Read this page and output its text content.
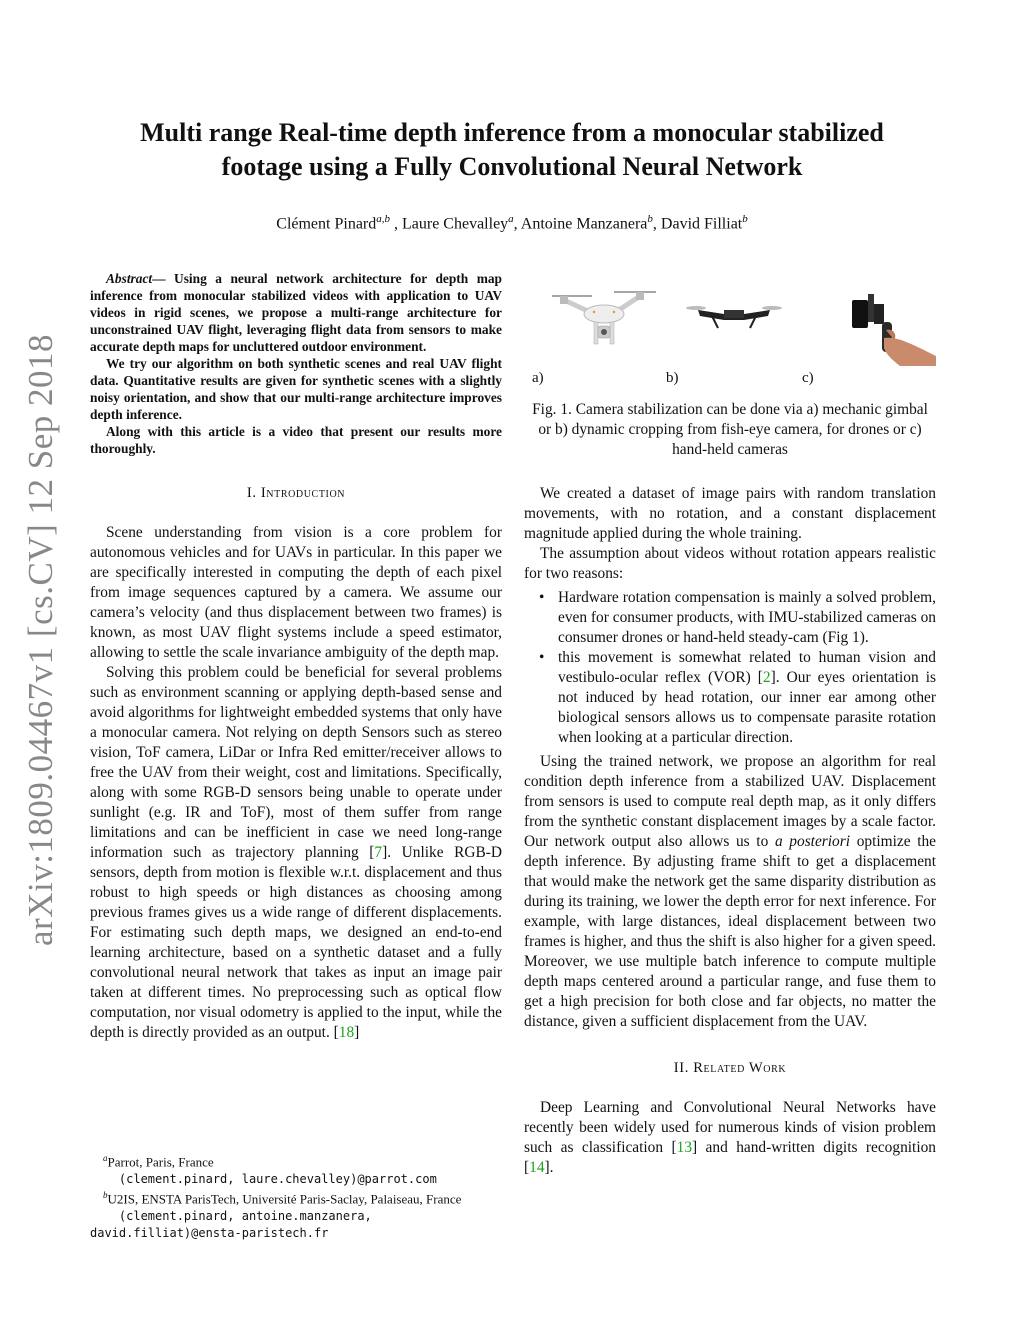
arXiv:1809.04467v1 [cs.CV] 12 Sep 2018
Multi range Real-time depth inference from a monocular stabilized
footage using a Fully Convolutional Neural Network
Clément Pinard$^{a,b}$ , Laure Chevalley$^a$, Antoine Manzanera$^b$, David Filliat$^b$

Abstract— Using a neural network architecture for depth map inference from monocular stabilized videos with application to UAV videos in rigid scenes, we propose a multi-range architecture for unconstrained UAV flight, leveraging flight data from sensors to make accurate depth maps for uncluttered outdoor environment.

We try our algorithm on both synthetic scenes and real UAV flight data. Quantitative results are given for synthetic scenes with a slightly noisy orientation, and show that our multi-range architecture improves depth inference.

Along with this article is a video that present our results more thoroughly.

I. Introduction

Scene understanding from vision is a core problem for autonomous vehicles and for UAVs in particular. In this paper we are specifically interested in computing the depth of each pixel from image sequences captured by a camera. We assume our camera’s velocity (and thus displacement between two frames) is known, as most UAV flight systems include a speed estimator, allowing to settle the scale invariance ambiguity of the depth map.

Solving this problem could be beneficial for several problems such as environment scanning or applying depth-based sense and avoid algorithms for lightweight embedded systems that only have a monocular camera. Not relying on depth Sensors such as stereo vision, ToF camera, LiDar or Infra Red emitter/receiver allows to free the UAV from their weight, cost and limitations. Specifically, along with some RGB-D sensors being unable to operate under sunlight (e.g. IR and ToF), most of them suffer from range limitations and can be inefficient in case we need long-range information such as trajectory planning [7]. Unlike RGB-D sensors, depth from motion is flexible w.r.t. displacement and thus robust to high speeds or high distances as choosing among previous frames gives us a wide range of different displacements. For estimating such depth maps, we designed an end-to-end learning architecture, based on a synthetic dataset and a fully convolutional neural network that takes as input an image pair taken at different times. No preprocessing such as optical flow computation, nor visual odometry is applied to the input, while the depth is directly provided as an output. [18]

$^a$Parrot, Paris, France
(clement.pinard, laure.chevalley)@parrot.com
$^b$U2IS, ENSTA ParisTech, Université Paris-Saclay, Palaiseau, France
(clement.pinard, antoine.manzanera,
david.filliat)@ensta-paristech.fr
a)	b)	c)
Fig. 1. Camera stabilization can be done via a) mechanic gimbal or b) dynamic cropping from fish-eye camera, for drones or c) hand-held cameras

We created a dataset of image pairs with random translation movements, with no rotation, and a constant displacement magnitude applied during the whole training.

The assumption about videos without rotation appears realistic for two reasons:

• Hardware rotation compensation is mainly a solved problem, even for consumer products, with IMU-stabilized cameras on consumer drones or hand-held steady-cam (Fig 1).
• this movement is somewhat related to human vision and vestibulo-ocular reflex (VOR) [2]. Our eyes orientation is not induced by head rotation, our inner ear among other biological sensors allows us to compensate parasite rotation when looking at a particular direction.

Using the trained network, we propose an algorithm for real condition depth inference from a stabilized UAV. Displacement from sensors is used to compute real depth map, as it only differs from the synthetic constant displacement images by a scale factor. Our network output also allows us to a posteriori optimize the depth inference. By adjusting frame shift to get a displacement that would make the network get the same disparity distribution as during its training, we lower the depth error for next inference. For example, with large distances, ideal displacement between two frames is higher, and thus the shift is also higher for a given speed. Moreover, we use multiple batch inference to compute multiple depth maps centered around a particular range, and fuse them to get a high precision for both close and far objects, no matter the distance, given a sufficient displacement from the UAV.

II. Related Work

Deep Learning and Convolutional Neural Networks have recently been widely used for numerous kinds of vision problem such as classification [13] and hand-written digits recognition [14].
